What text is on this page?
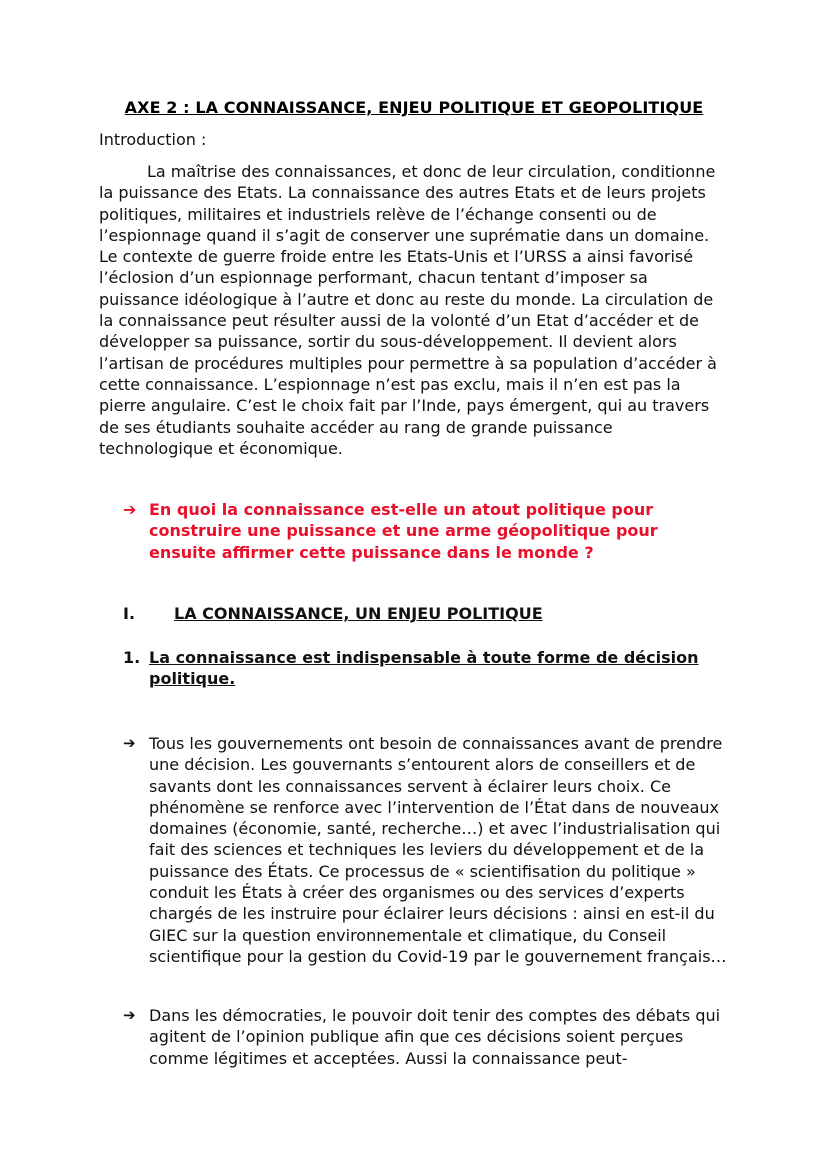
AXE 2 : LA CONNAISSANCE, ENJEU POLITIQUE ET GEOPOLITIQUE
Introduction :
La maîtrise des connaissances, et donc de leur circulation, conditionne la puissance des Etats. La connaissance des autres Etats et de leurs projets politiques, militaires et industriels relève de l’échange consenti ou de l’espionnage quand il s’agit de conserver une suprématie dans un domaine. Le contexte de guerre froide entre les Etats-Unis et l’URSS a ainsi favorisé l’éclosion d’un espionnage performant, chacun tentant d’imposer sa puissance idéologique à l’autre et donc au reste du monde. La circulation de la connaissance peut résulter aussi de la volonté d’un Etat d’accéder et de développer sa puissance, sortir du sous-développement. Il devient alors l’artisan de procédures multiples pour permettre à sa population d’accéder à cette connaissance. L’espionnage n’est pas exclu, mais il n’en est pas la pierre angulaire. C’est le choix fait par l’Inde, pays émergent, qui au travers de ses étudiants souhaite accéder au rang de grande puissance technologique et économique.
➔ En quoi la connaissance est-elle un atout politique pour construire une puissance et une arme géopolitique pour ensuite affirmer cette puissance dans le monde ?
I.	LA CONNAISSANCE, UN ENJEU POLITIQUE
1. La connaissance est indispensable à toute forme de décision politique.
➔ Tous les gouvernements ont besoin de connaissances avant de prendre une décision. Les gouvernants s’entourent alors de conseillers et de savants dont les connaissances servent à éclairer leurs choix. Ce phénomène se renforce avec l’intervention de l’État dans de nouveaux domaines (économie, santé, recherche…) et avec l’industrialisation qui fait des sciences et techniques les leviers du développement et de la puissance des États. Ce processus de « scientifisation du politique » conduit les États à créer des organismes ou des services d’experts chargés de les instruire pour éclairer leurs décisions : ainsi en est-il du GIEC sur la question environnementale et climatique, du Conseil scientifique pour la gestion du Covid-19 par le gouvernement français…
➔ Dans les démocraties, le pouvoir doit tenir des comptes des débats qui agitent de l’opinion publique afin que ces décisions soient perçues comme légitimes et acceptées. Aussi la connaissance peut-
